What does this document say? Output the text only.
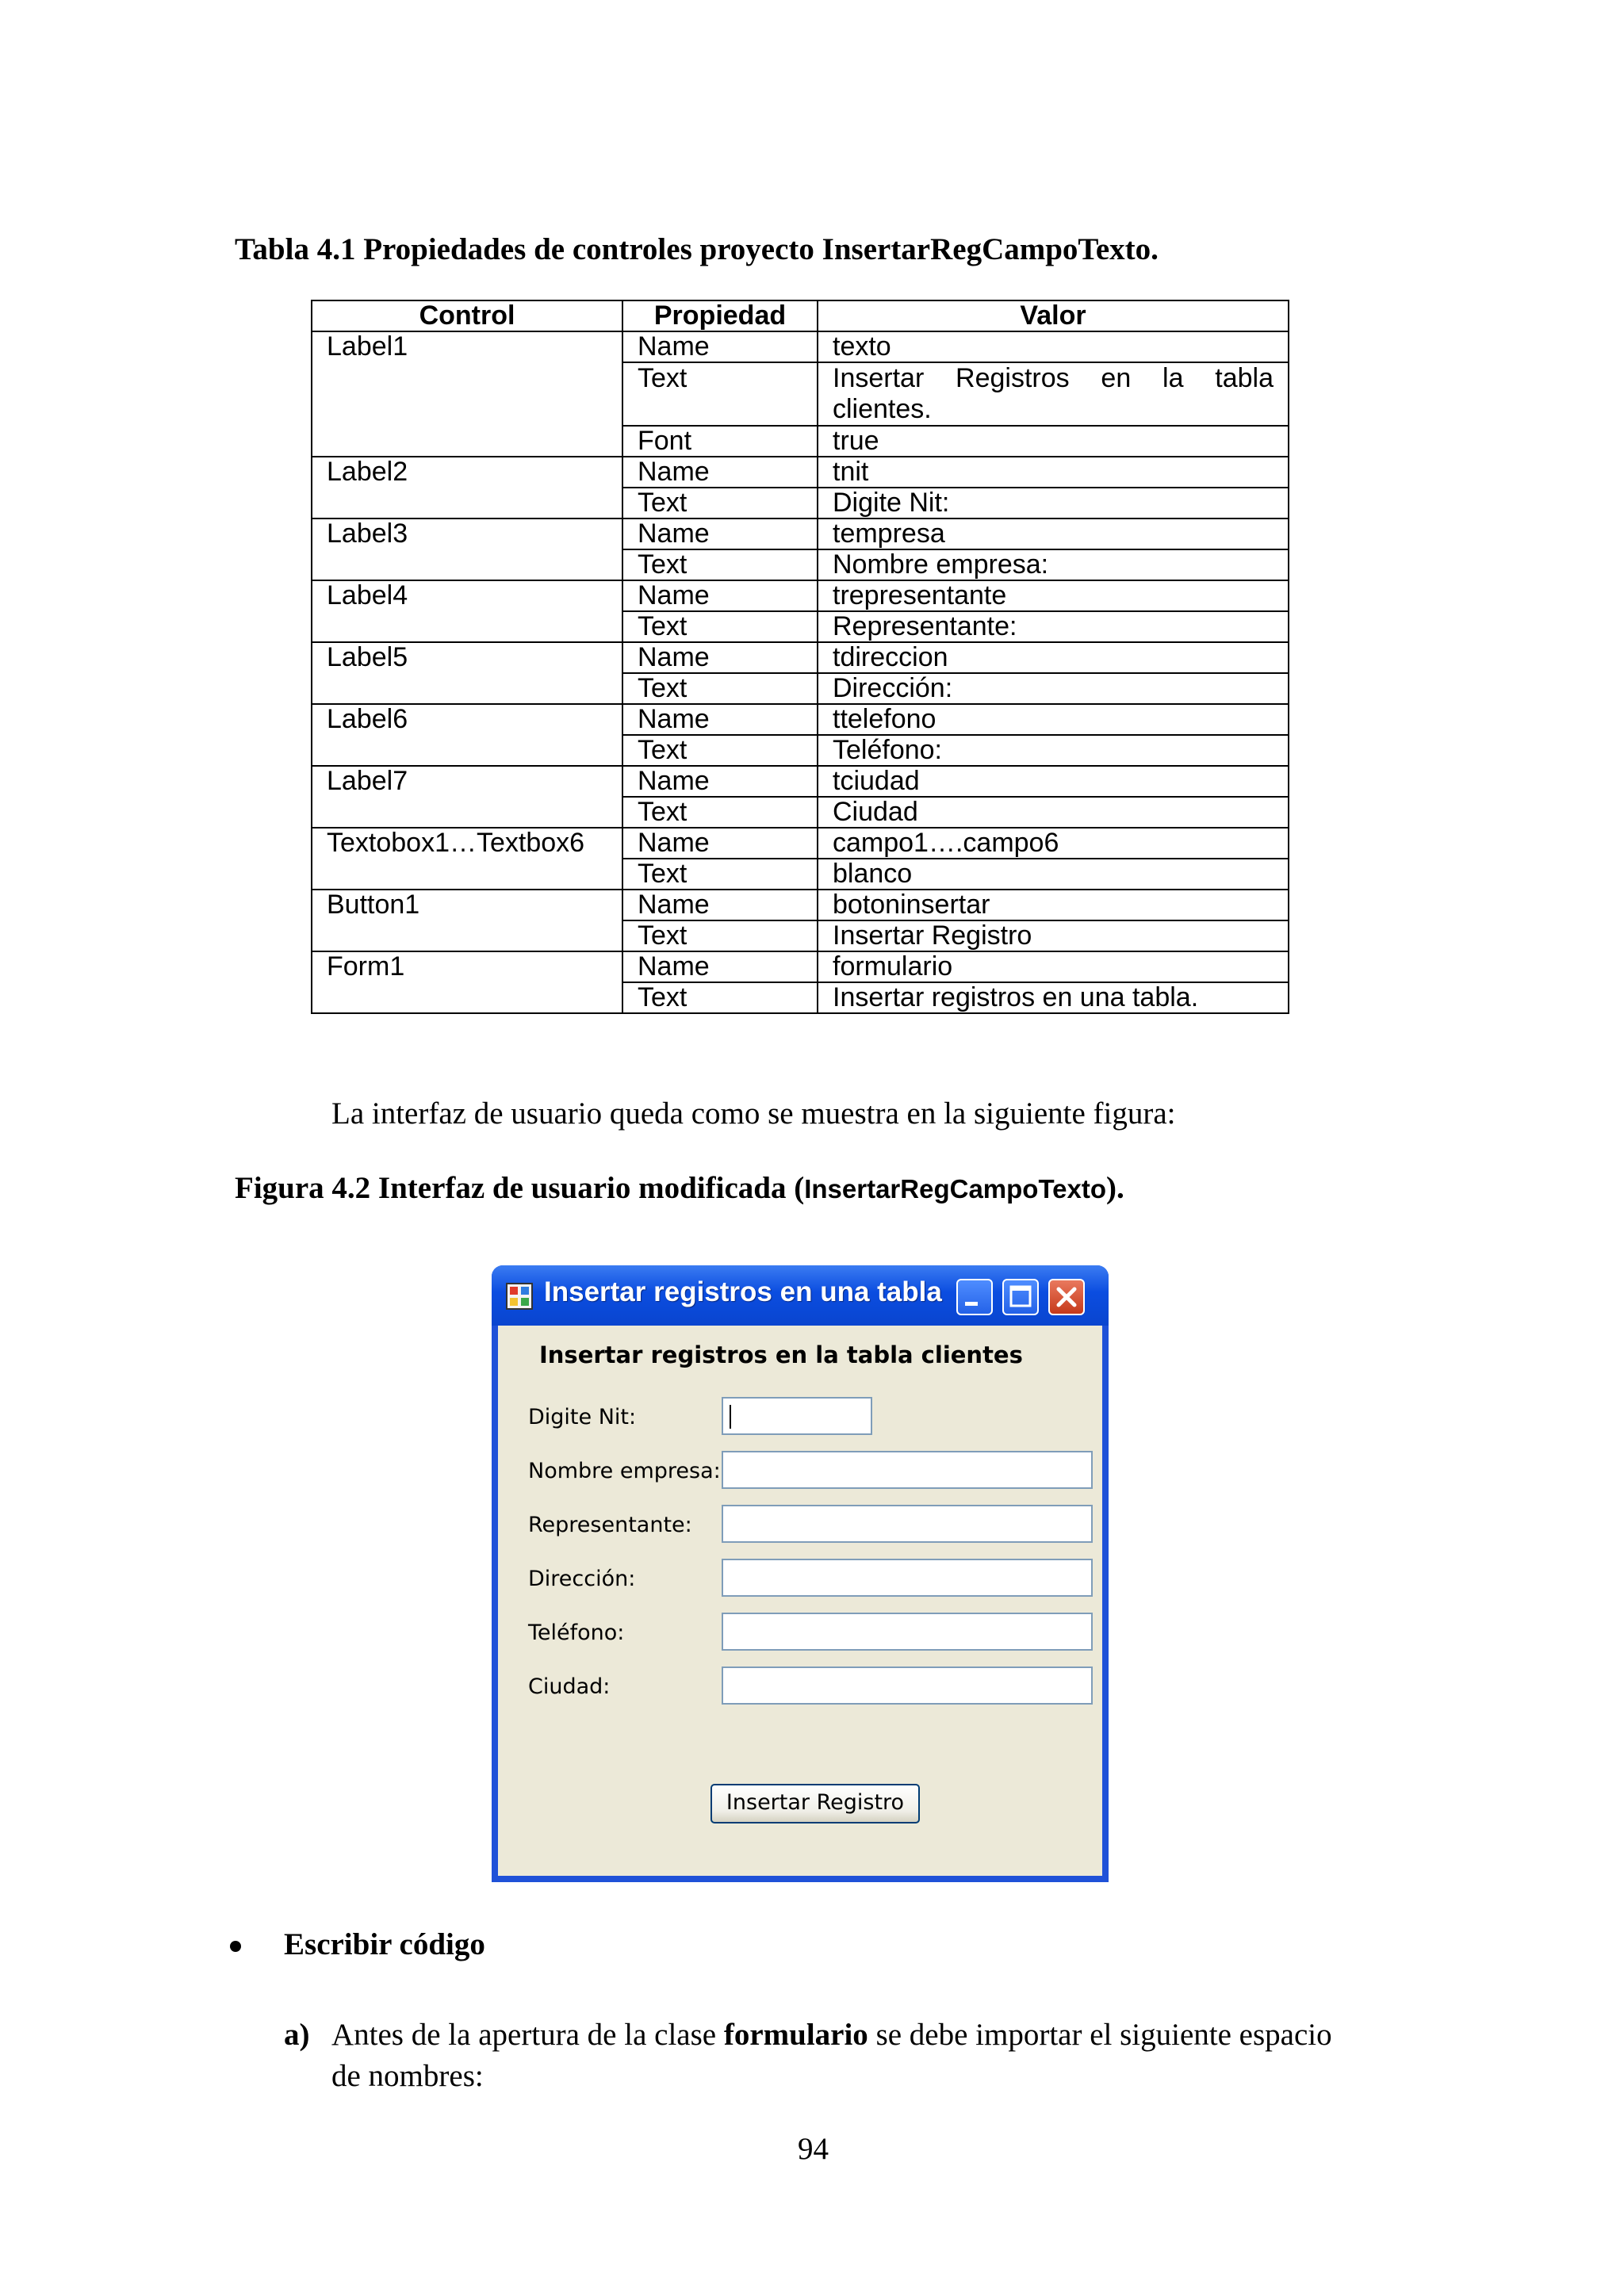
Tabla 4.1 Propiedades de controles proyecto InsertarRegCampoTexto.
Control	Propiedad	Valor
Label1	Name	texto
	Text	Insertar Registros en la tabla clientes.

	Font	true
Label2	Name	tnit
	Text	Digite Nit:
Label3	Name	tempresa
	Text	Nombre empresa:
Label4	Name	trepresentante
	Text	Representante:
Label5	Name	tdireccion
	Text	Dirección:
Label6	Name	ttelefono
	Text	Teléfono:
Label7	Name	tciudad
	Text	Ciudad
Textobox1…Textbox6	Name	campo1….campo6
	Text	blanco
Button1	Name	botoninsertar
	Text	Insertar Registro
Form1	Name	formulario
	Text	Insertar registros en una tabla.
La interfaz de usuario queda como se muestra en la siguiente figura:
Figura 4.2 Interfaz de usuario modificada (InsertarRegCampoTexto).
Insertar registros en una tabla
Insertar registros en la tabla clientes
Digite Nit:
Nombre empresa:
Representante:
Dirección:
Teléfono:
Ciudad:
Insertar Registro
Escribir código
a) Antes de la apertura de la clase formulario se debe importar el siguiente espacio
de nombres:
94
